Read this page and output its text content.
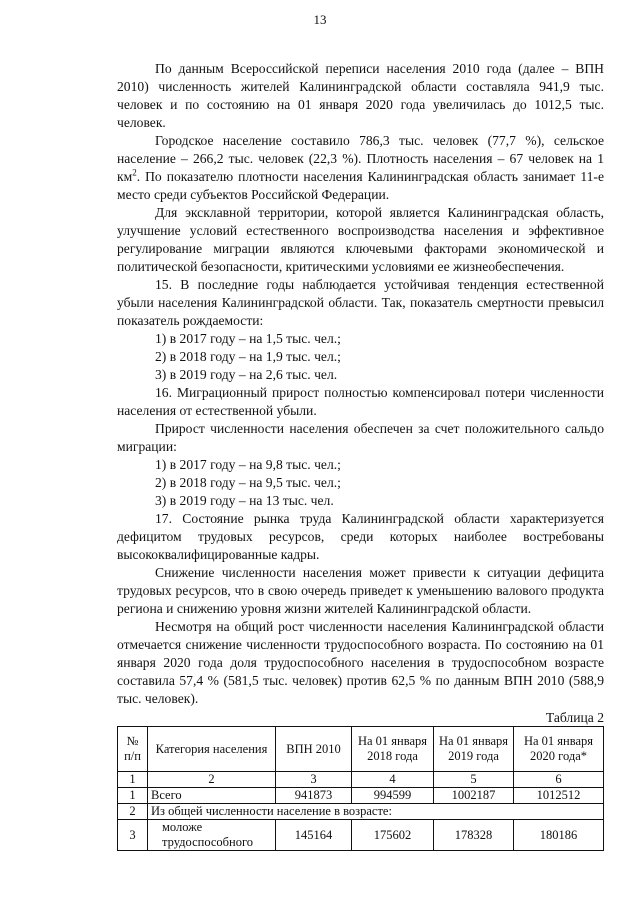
13

По данным Всероссийской переписи населения 2010 года (далее – ВПН 2010) численность жителей Калининградской области составляла 941,9 тыс. человек и по состоянию на 01 января 2020 года увеличилась до 1012,5 тыс. человек.

Городское население составило 786,3 тыс. человек (77,7 %), сельское население – 266,2 тыс. человек (22,3 %). Плотность населения – 67 человек на 1 $км^2$. По показателю плотности населения Калининградская область занимает 11-е место среди субъектов Российской Федерации.

Для эксклавной территории, которой является Калининградская область, улучшение условий естественного воспроизводства населения и эффективное регулирование миграции являются ключевыми факторами экономической и политической безопасности, критическими условиями ее жизнеобеспечения.

15. В последние годы наблюдается устойчивая тенденция естественной убыли населения Калининградской области. Так, показатель смертности превысил показатель рождаемости:

1) в 2017 году – на 1,5 тыс. чел.;

2) в 2018 году – на 1,9 тыс. чел.;

3) в 2019 году – на 2,6 тыс. чел.

16. Миграционный прирост полностью компенсировал потери численности населения от естественной убыли.

Прирост численности населения обеспечен за счет положительного сальдо миграции:

1) в 2017 году – на 9,8 тыс. чел.;

2) в 2018 году – на 9,5 тыс. чел.;

3) в 2019 году – на 13 тыс. чел.

17. Состояние рынка труда Калининградской области характеризуется дефицитом трудовых ресурсов, среди которых наиболее востребованы высококвалифицированные кадры.

Снижение численности населения может привести к ситуации дефицита трудовых ресурсов, что в свою очередь приведет к уменьшению валового продукта региона и снижению уровня жизни жителей Калининградской области.

Несмотря на общий рост численности населения Калининградской области отмечается снижение численности трудоспособного возраста. По состоянию на 01 января 2020 года доля трудоспособного населения в трудоспособном возрасте составила 57,4 % (581,5 тыс. человек) против 62,5 % по данным ВПН 2010 (588,9 тыс. человек).

Таблица 2
№ п/п	Категория населения	ВПН 2010	На 01 января 2018 года	На 01 января 2019 года	На 01 января 2020 года*
1	2	3	4	5	6
1	Всего	941873	994599	1002187	1012512
2	Из общей численности население в возрасте:				
3	моложе трудоспособного	145164	175602	178328	180186
